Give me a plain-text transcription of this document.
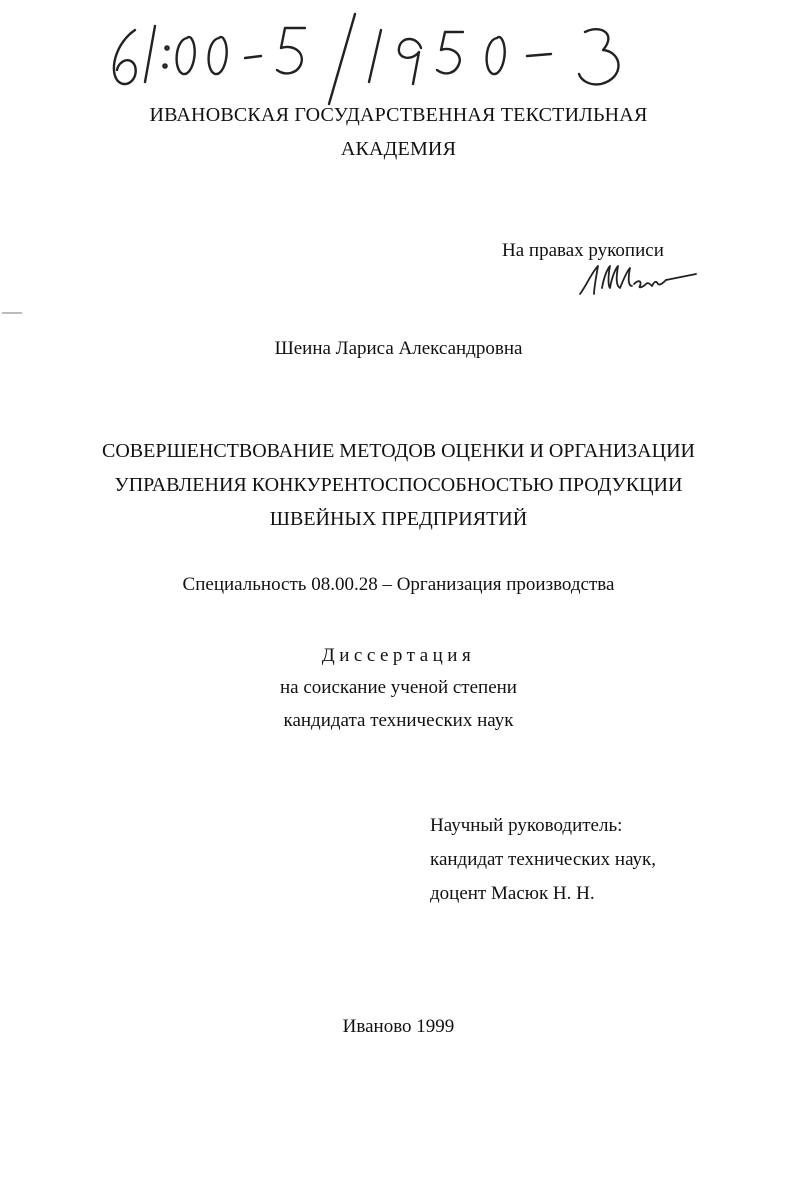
ИВАНОВСКАЯ ГОСУДАРСТВЕННАЯ ТЕКСТИЛЬНАЯ
АКАДЕМИЯ
На правах рукописи
Шеина Лариса Александровна
СОВЕРШЕНСТВОВАНИЕ МЕТОДОВ ОЦЕНКИ И ОРГАНИЗАЦИИ
УПРАВЛЕНИЯ КОНКУРЕНТОСПОСОБНОСТЬЮ ПРОДУКЦИИ
ШВЕЙНЫХ ПРЕДПРИЯТИЙ
Специальность 08.00.28 – Организация производства
Диссертация
на соискание ученой степени
кандидата технических наук
Научный руководитель:
кандидат технических наук,
доцент Масюк Н. Н.
Иваново 1999
